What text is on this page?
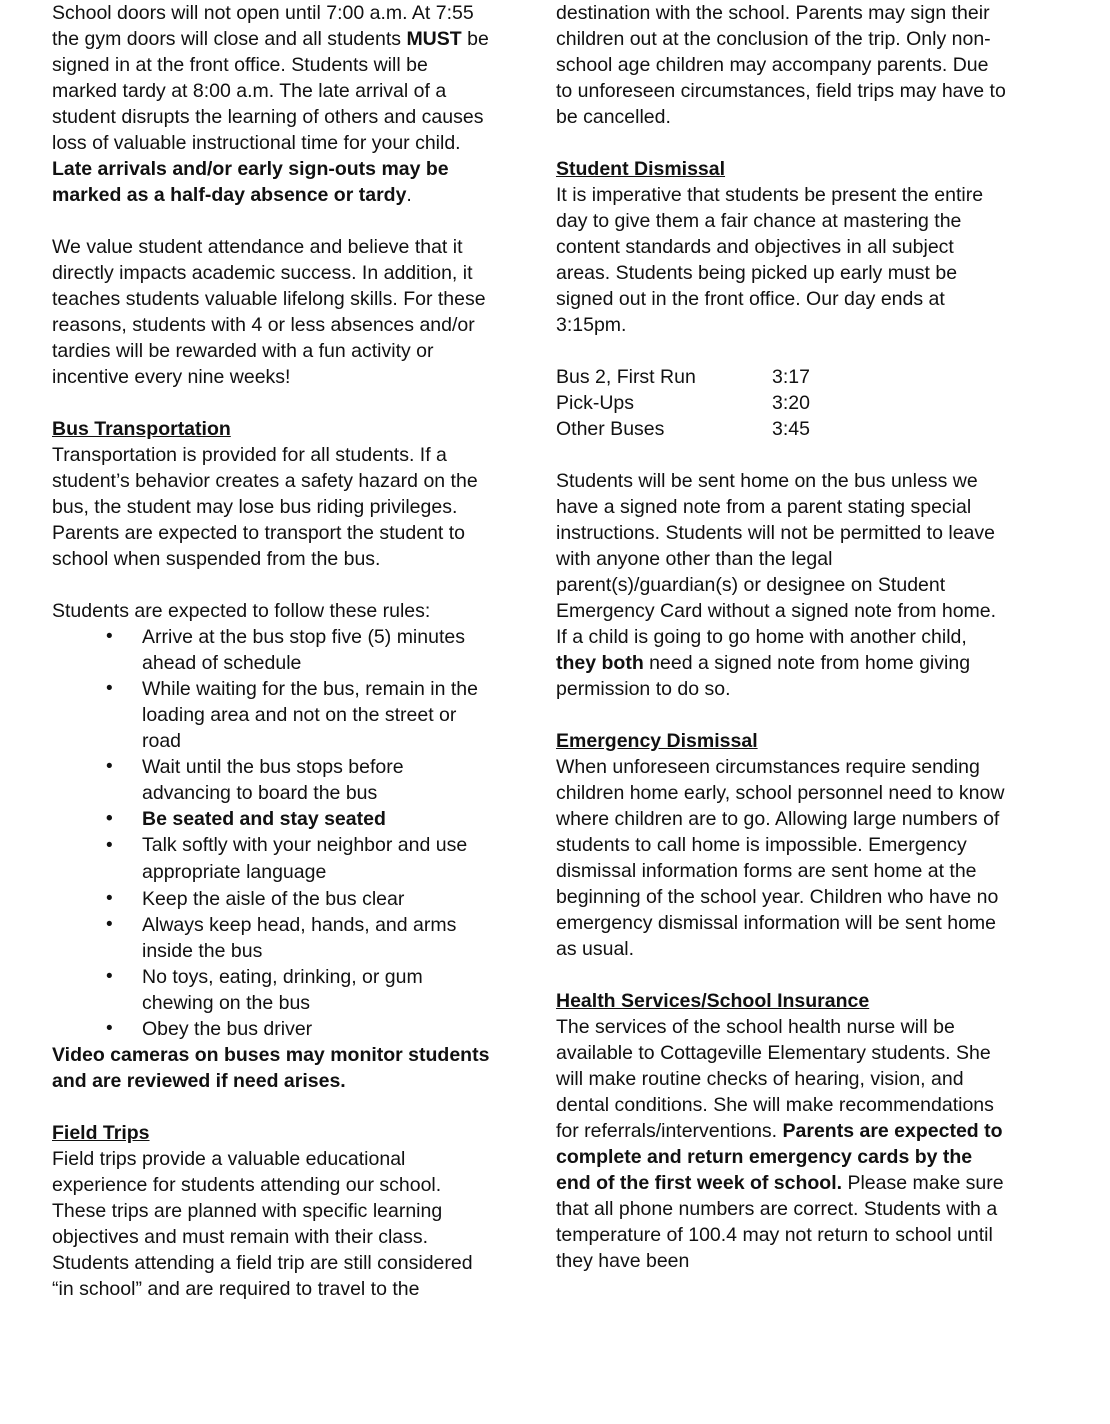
School doors will not open until 7:00 a.m. At 7:55 the gym doors will close and all students MUST be signed in at the front office. Students will be marked tardy at 8:00 a.m. The late arrival of a student disrupts the learning of others and causes loss of valuable instructional time for your child. Late arrivals and/or early sign-outs may be marked as a half-day absence or tardy.

We value student attendance and believe that it directly impacts academic success. In addition, it teaches students valuable lifelong skills. For these reasons, students with 4 or less absences and/or tardies will be rewarded with a fun activity or incentive every nine weeks!

Bus Transportation

Transportation is provided for all students. If a student’s behavior creates a safety hazard on the bus, the student may lose bus riding privileges. Parents are expected to transport the student to school when suspended from the bus.

Students are expected to follow these rules:

• Arrive at the bus stop five (5) minutes ahead of schedule
• While waiting for the bus, remain in the loading area and not on the street or road
• Wait until the bus stops before advancing to board the bus
• Be seated and stay seated
• Talk softly with your neighbor and use appropriate language
• Keep the aisle of the bus clear
• Always keep head, hands, and arms inside the bus
• No toys, eating, drinking, or gum chewing on the bus
• Obey the bus driver

Video cameras on buses may monitor students and are reviewed if need arises.

Field Trips

Field trips provide a valuable educational experience for students attending our school. These trips are planned with specific learning objectives and must remain with their class. Students attending a field trip are still considered “in school” and are required to travel to the

destination with the school. Parents may sign their children out at the conclusion of the trip. Only non-school age children may accompany parents. Due to unforeseen circumstances, field trips may have to be cancelled.

Student Dismissal

It is imperative that students be present the entire day to give them a fair chance at mastering the content standards and objectives in all subject areas. Students being picked up early must be signed out in the front office. Our day ends at 3:15pm.

Bus 2, First Run	3:17
Pick-Ups	3:20
Other Buses	3:45

Students will be sent home on the bus unless we have a signed note from a parent stating special instructions. Students will not be permitted to leave with anyone other than the legal parent(s)/guardian(s) or designee on Student Emergency Card without a signed note from home. If a child is going to go home with another child, they both need a signed note from home giving permission to do so.

Emergency Dismissal

When unforeseen circumstances require sending children home early, school personnel need to know where children are to go. Allowing large numbers of students to call home is impossible. Emergency dismissal information forms are sent home at the beginning of the school year. Children who have no emergency dismissal information will be sent home as usual.

Health Services/School Insurance

The services of the school health nurse will be available to Cottageville Elementary students. She will make routine checks of hearing, vision, and dental conditions. She will make recommendations for referrals/interventions. Parents are expected to complete and return emergency cards by the end of the first week of school. Please make sure that all phone numbers are correct. Students with a temperature of 100.4 may not return to school until they have been
